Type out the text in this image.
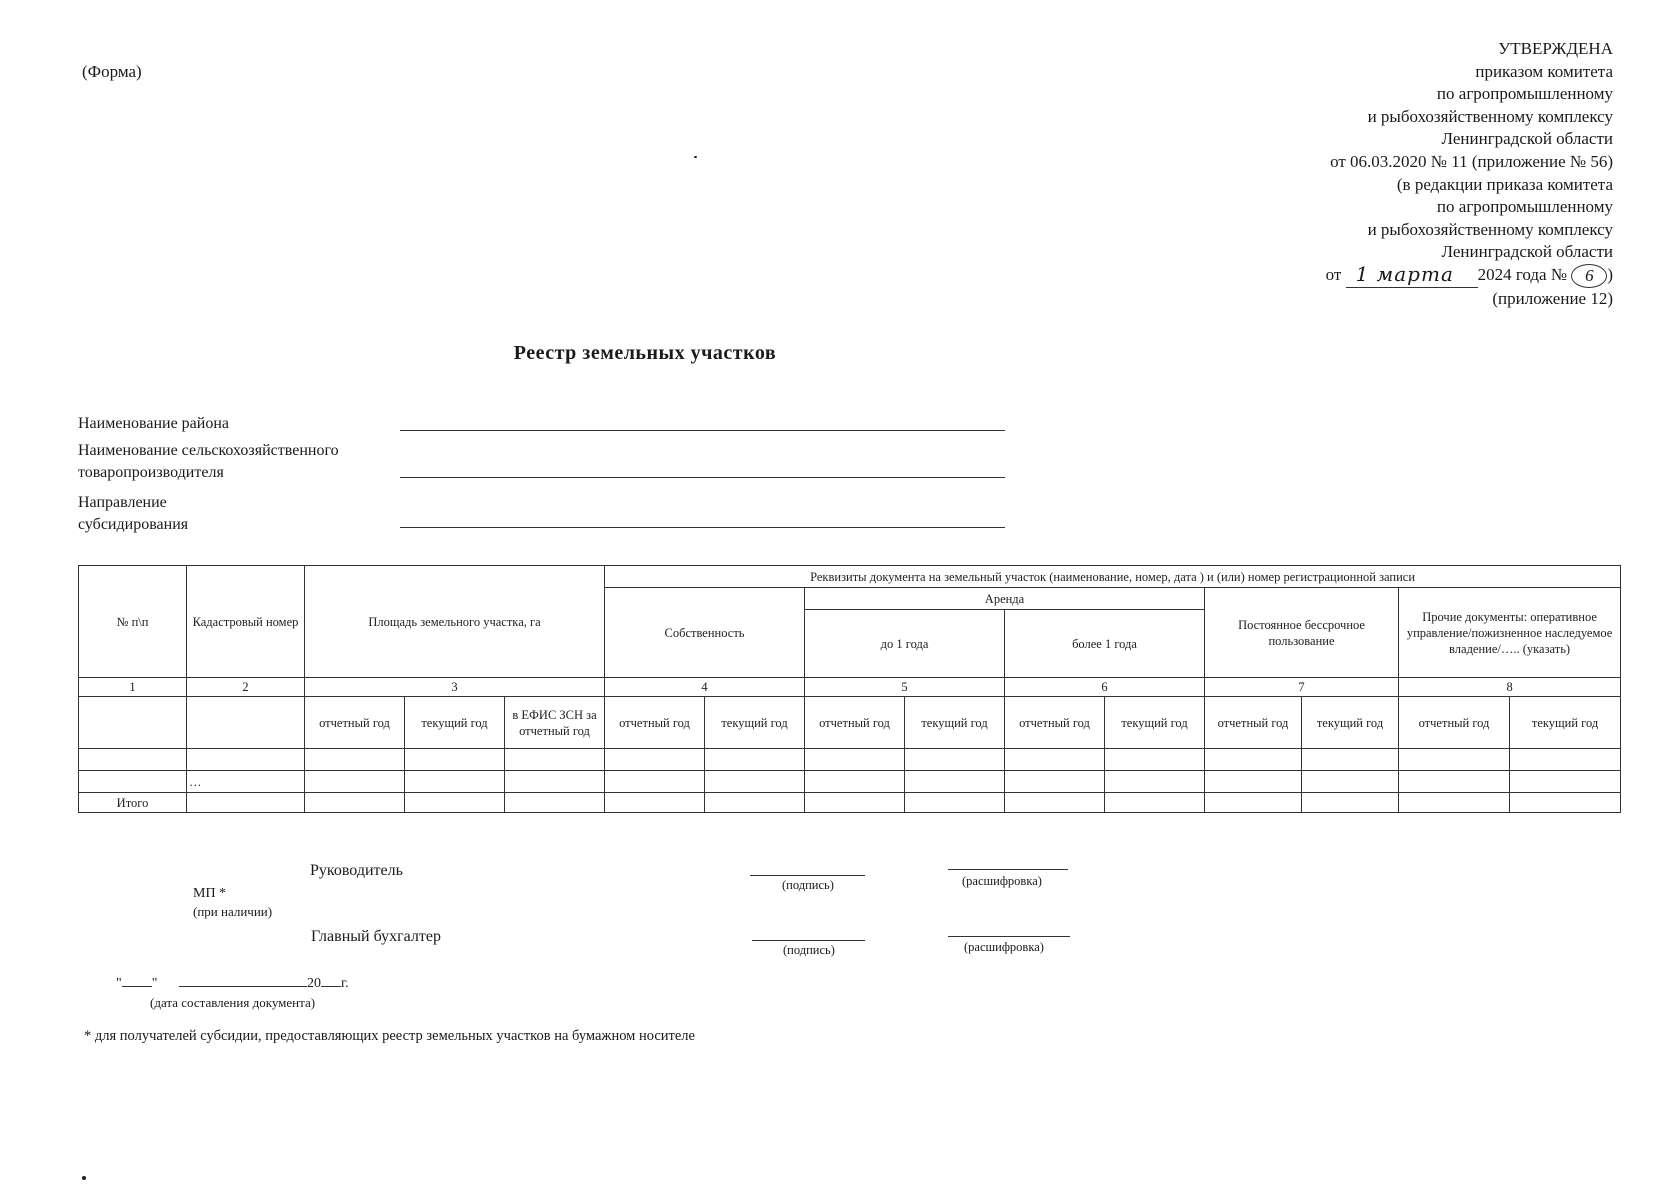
(Форма)
УТВЕРЖДЕНА
приказом комитета
по агропромышленному
и рыбохозяйственному комплексу
Ленинградской области
от 06.03.2020 № 11 (приложение № 56)
(в редакции приказа комитета
по агропромышленному
и рыбохозяйственному комплексу
Ленинградской области
от 1 марта 2024 года № 6 )
(приложение 12)
Реестр земельных участков
Наименование района
Наименование сельскохозяйственного товаропроизводителя
Направление субсидирования
№ п\п	Кадастровый номер	Площадь земельного участка, га			Реквизиты документа на земельный участок (наименование, номер, дата ) и (или) номер регистрационной записи									
					Собственность		Аренда				Постоянное бессрочное пользование		Прочие документы: оперативное управление/пожизненное наследуемое владение/….. (указать)	
							до 1 года		более 1 года					

1	2	3			4		5		6		7		8	
		отчетный год	текущий год	в ЕФИС ЗСН за отчетный год	отчетный год	текущий год	отчетный год	текущий год	отчетный год	текущий год	отчетный год	текущий год	отчетный год	текущий год

	…													
Итого														
Руководитель
(подпись)	(расшифровка)
МП *
(при наличии)
Главный бухгалтер
(подпись)	(расшифровка)
" "	20 г.
(дата составления документа)
* для получателей субсидии, предоставляющих реестр земельных участков на бумажном носителе
